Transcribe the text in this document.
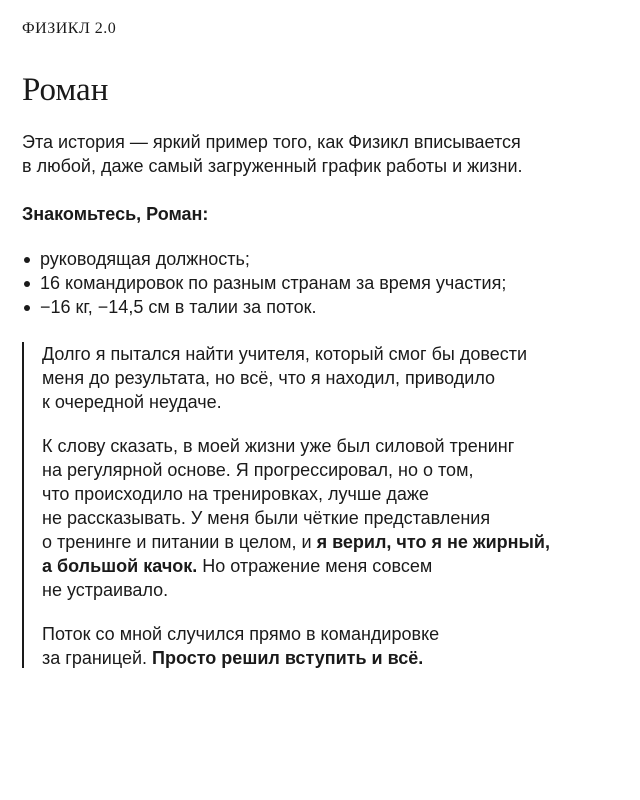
ФИЗИКЛ 2.0
Роман

Эта история — яркий пример того, как Физикл вписывается
в любой, даже самый загруженный график работы и жизни.

Знакомьтесь, Роман:

руководящая должность;
16 командировок по разным странам за время участия;
−16 кг, −14,5 см в талии за поток.

Долго я пытался найти учителя, который смог бы довести
меня до результата, но всё, что я находил, приводило
к очередной неудаче.

К слову сказать, в моей жизни уже был силовой тренинг
на регулярной основе. Я прогрессировал, но о том,
что происходило на тренировках, лучше даже
не рассказывать. У меня были чёткие представления
о тренинге и питании в целом, и я верил, что я не жирный,
а большой качок. Но отражение меня совсем
не устраивало.

Поток со мной случился прямо в командировке
за границей. Просто решил вступить и всё.
